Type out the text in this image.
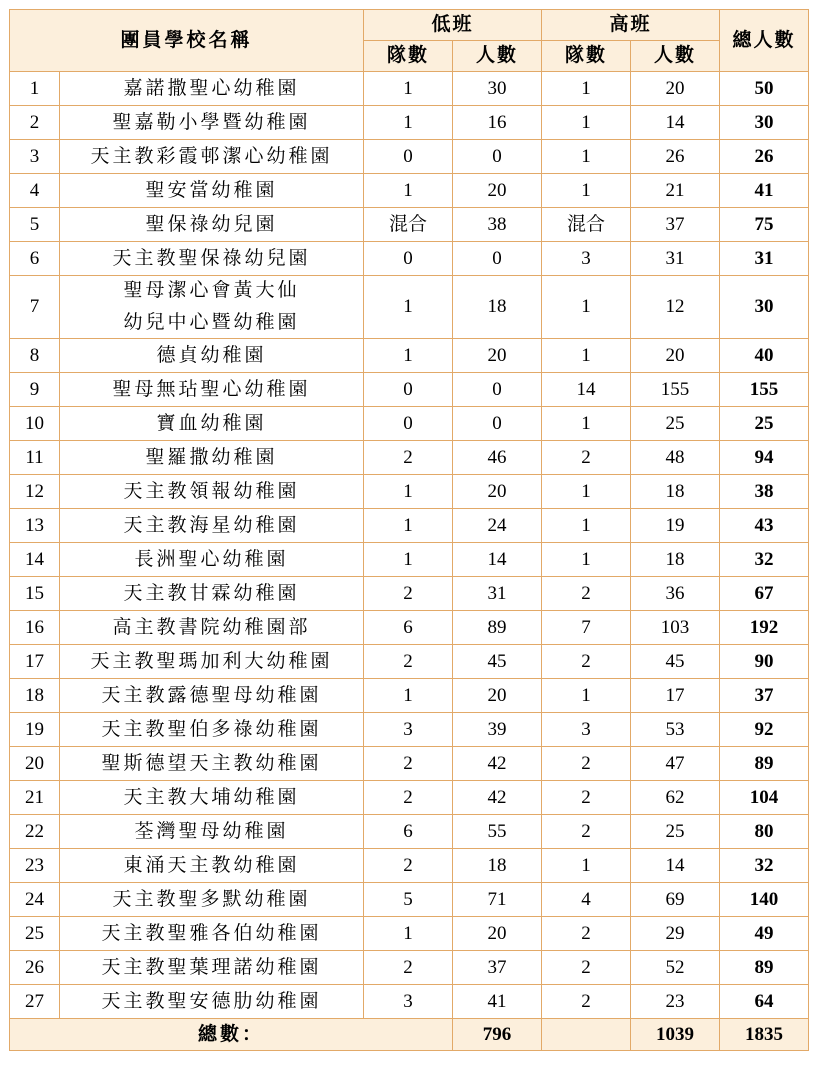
團員學校名稱		低班		高班		總人數
		隊數	人數	隊數	人數	
1	嘉諾撒聖心幼稚園	1	30	1	20	50
2	聖嘉勒小學暨幼稚園	1	16	1	14	30
3	天主教彩霞邨潔心幼稚園	0	0	1	26	26
4	聖安當幼稚園	1	20	1	21	41
5	聖保祿幼兒園	混合	38	混合	37	75
6	天主教聖保祿幼兒園	0	0	3	31	31
7	聖母潔心會黃大仙
幼兒中心暨幼稚園	1	18	1	12	30
8	德貞幼稚園	1	20	1	20	40
9	聖母無玷聖心幼稚園	0	0	14	155	155
10	寶血幼稚園	0	0	1	25	25
11	聖羅撒幼稚園	2	46	2	48	94
12	天主教領報幼稚園	1	20	1	18	38
13	天主教海星幼稚園	1	24	1	19	43
14	長洲聖心幼稚園	1	14	1	18	32
15	天主教甘霖幼稚園	2	31	2	36	67
16	高主教書院幼稚園部	6	89	7	103	192
17	天主教聖瑪加利大幼稚園	2	45	2	45	90
18	天主教露德聖母幼稚園	1	20	1	17	37
19	天主教聖伯多祿幼稚園	3	39	3	53	92
20	聖斯德望天主教幼稚園	2	42	2	47	89
21	天主教大埔幼稚園	2	42	2	62	104
22	荃灣聖母幼稚園	6	55	2	25	80
23	東涌天主教幼稚園	2	18	1	14	32
24	天主教聖多默幼稚園	5	71	4	69	140
25	天主教聖雅各伯幼稚園	1	20	2	29	49
26	天主教聖葉理諾幼稚園	2	37	2	52	89
27	天主教聖安德肋幼稚園	3	41	2	23	64
總數：			796		1039	1835
